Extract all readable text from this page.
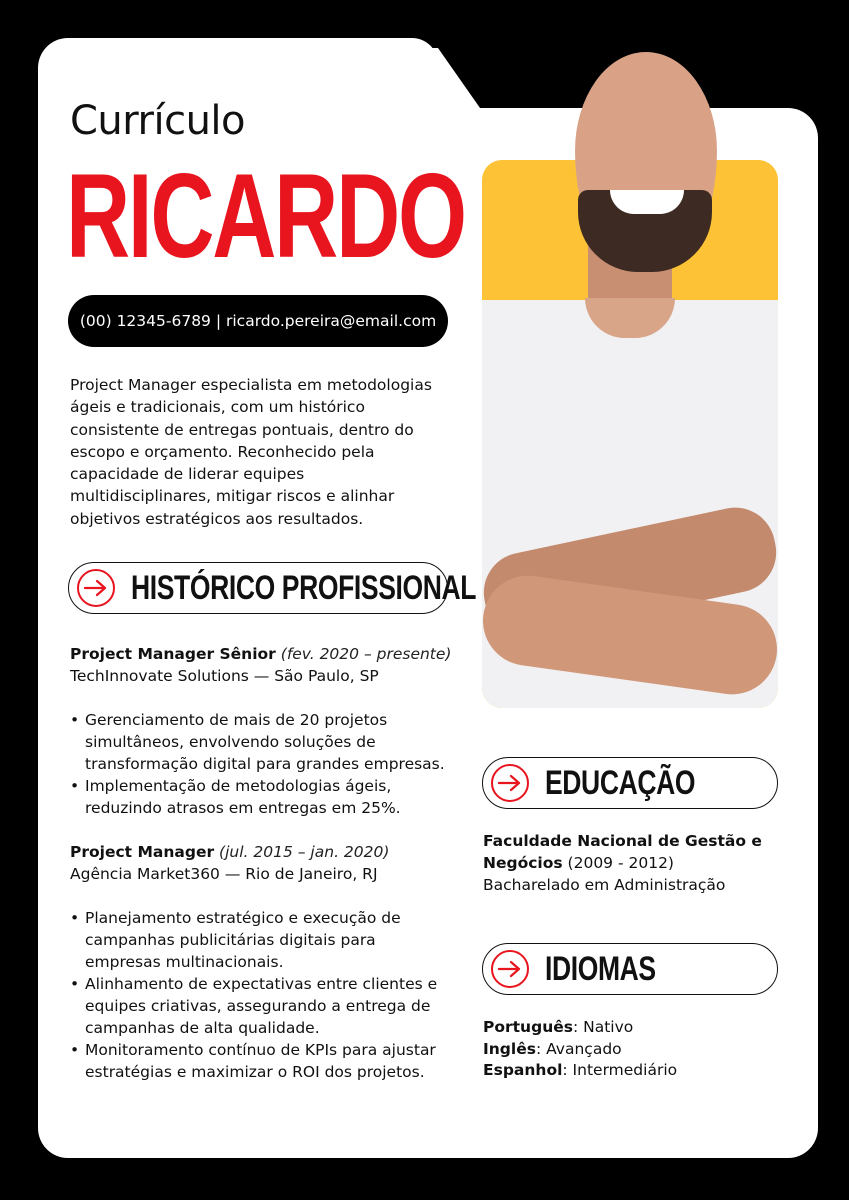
Currículo
RICARDO
(00) 12345-6789 | ricardo.pereira@email.com
Project Manager especialista em metodologias ágeis e tradicionais, com um histórico consistente de entregas pontuais, dentro do escopo e orçamento. Reconhecido pela capacidade de liderar equipes multidisciplinares, mitigar riscos e alinhar objetivos estratégicos aos resultados.
HISTÓRICO PROFISSIONAL
Project Manager Sênior (fev. 2020 – presente)
TechInnovate Solutions — São Paulo, SP
• Gerenciamento de mais de 20 projetos simultâneos, envolvendo soluções de transformação digital para grandes empresas.
• Implementação de metodologias ágeis, reduzindo atrasos em entregas em 25%.
Project Manager (jul. 2015 – jan. 2020)
Agência Market360 — Rio de Janeiro, RJ
• Planejamento estratégico e execução de campanhas publicitárias digitais para empresas multinacionais.
• Alinhamento de expectativas entre clientes e equipes criativas, assegurando a entrega de campanhas de alta qualidade.
• Monitoramento contínuo de KPIs para ajustar estratégias e maximizar o ROI dos projetos.
EDUCAÇÃO
Faculdade Nacional de Gestão e Negócios (2009 - 2012)
Bacharelado em Administração
IDIOMAS
Português: Nativo
Inglês: Avançado
Espanhol: Intermediário
